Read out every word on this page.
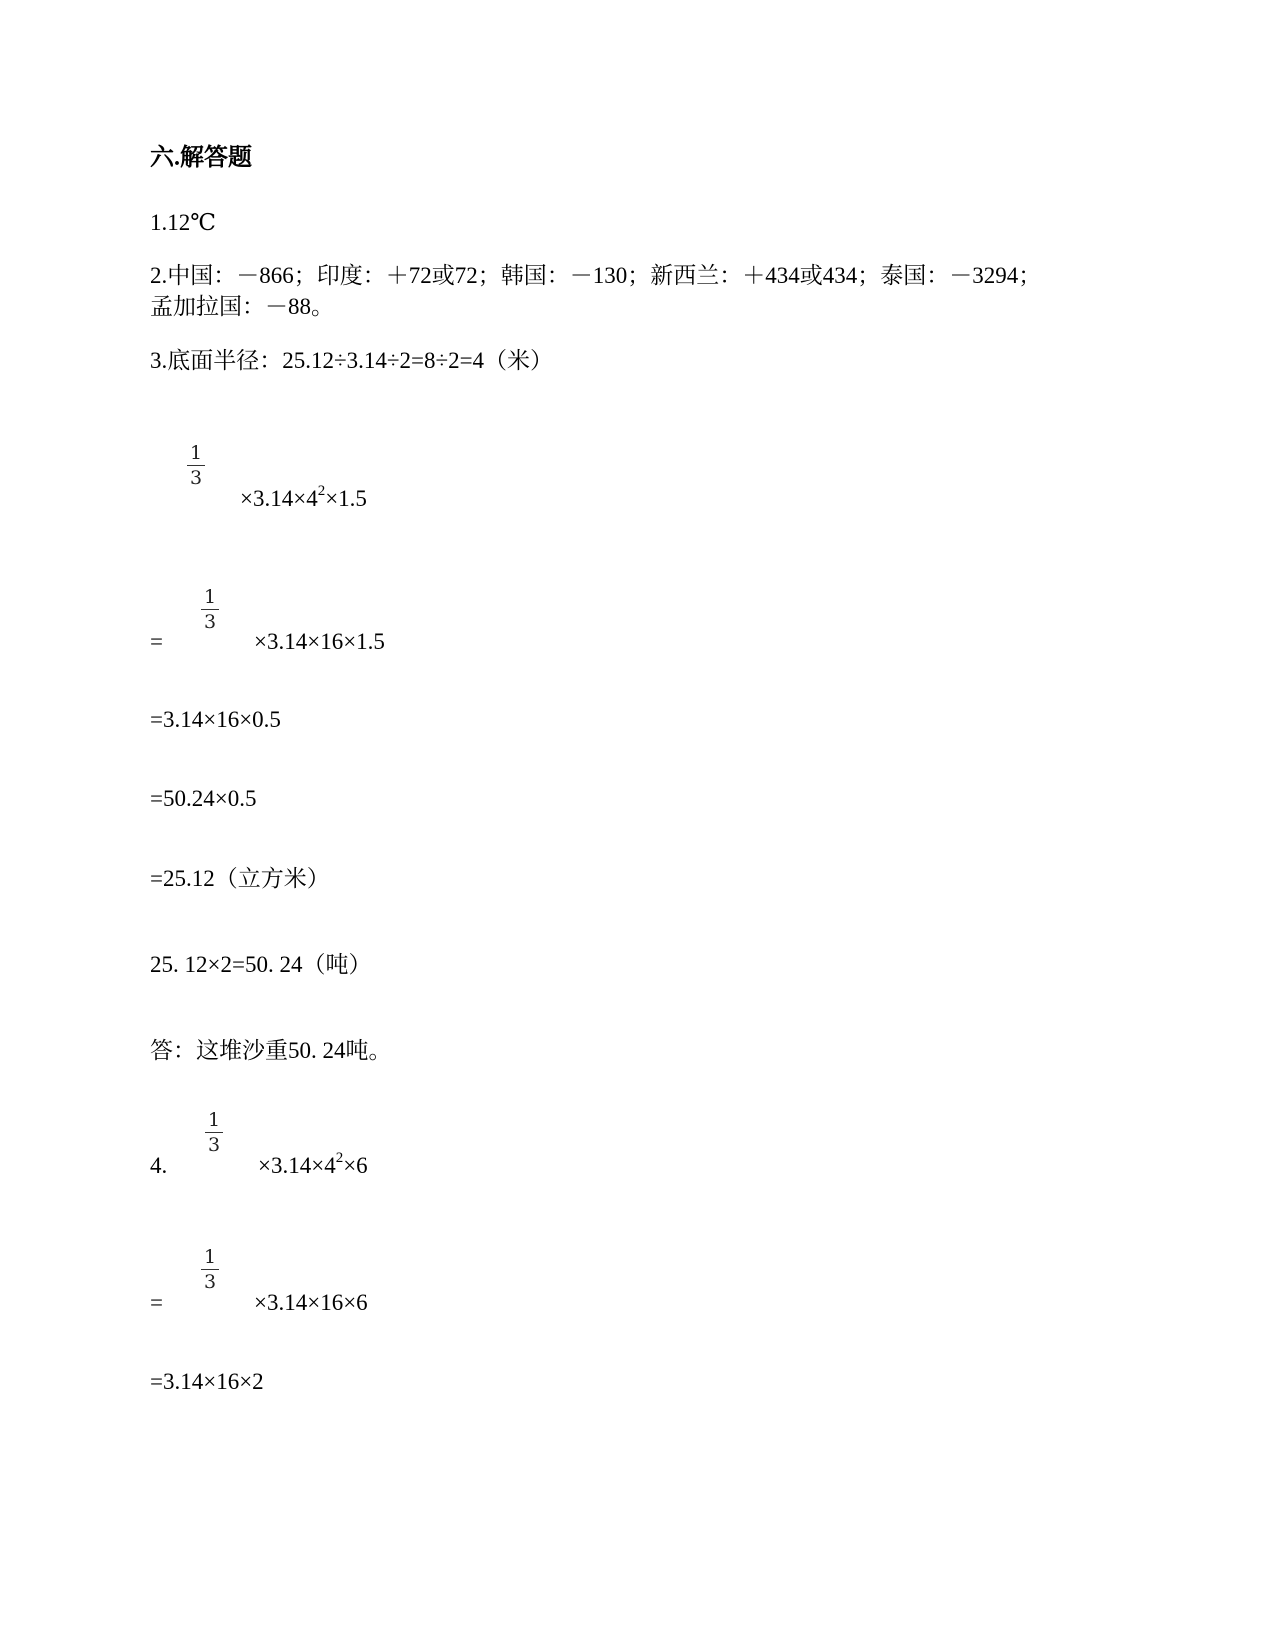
六.解答题
1.12℃
2.中国：－866；印度：＋72或72；韩国：－130；新西兰：＋434或434；泰国：－3294；
孟加拉国：－88。
3.底面半径：25.12÷3.14÷2=8÷2=4（米）
1
3
$\times 3.14\times 4^2\times 1.5$
=
1
3
×3.14×16×1.5
=3.14×16×0.5
=50.24×0.5
=25.12（立方米）
25. 12×2=50. 24（吨）
答：这堆沙重50. 24吨。
4.
1
3
$\times 3.14\times 4^2\times 6$
=
1
3
×3.14×16×6
=3.14×16×2
